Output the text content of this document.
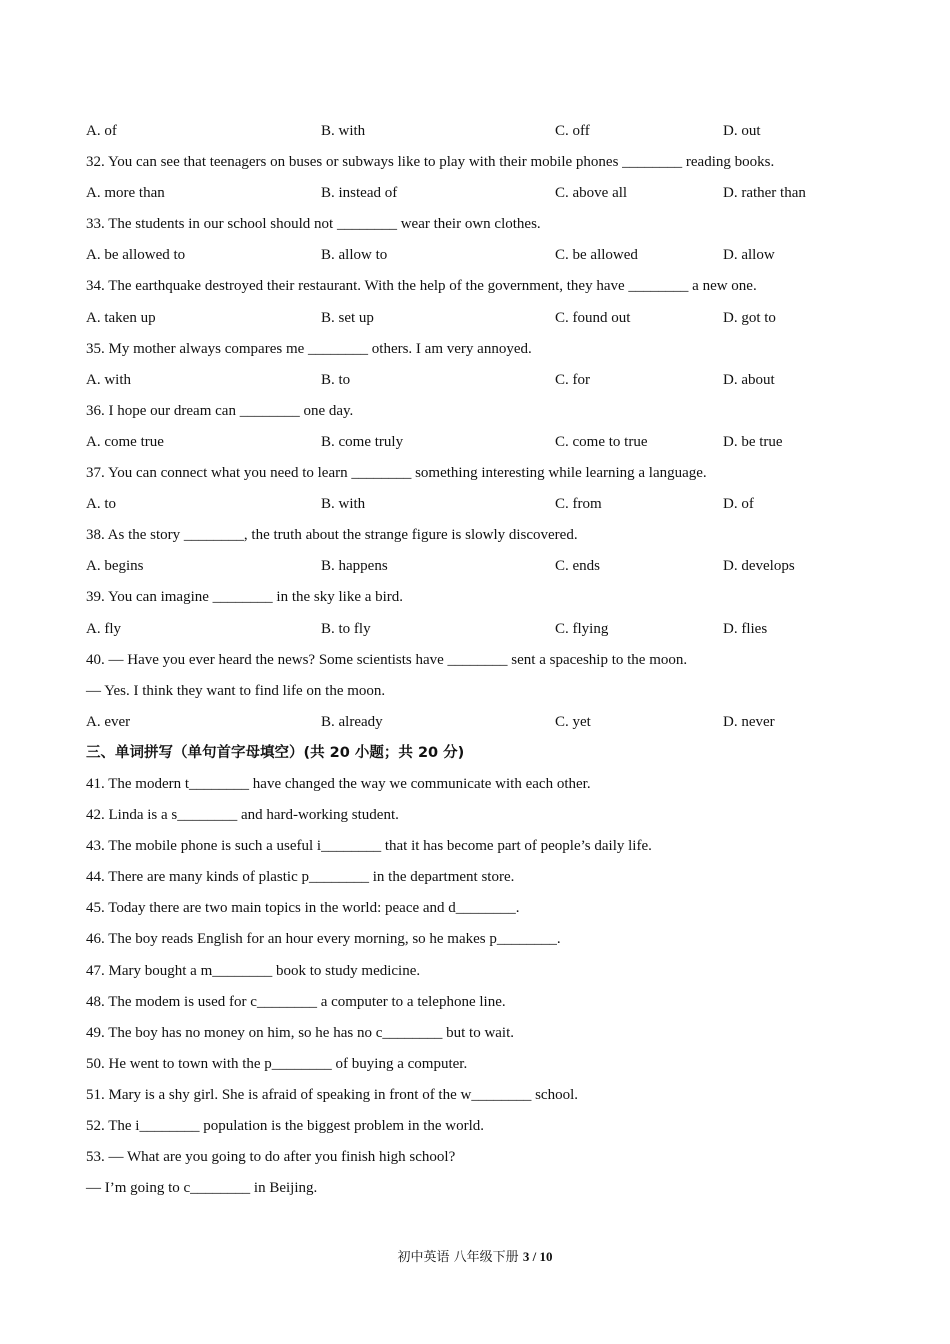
A. of	B. with	C. off	D. out
32. You can see that teenagers on buses or subways like to play with their mobile phones ________ reading books.
A. more than	B. instead of	C. above all	D. rather than
33. The students in our school should not ________ wear their own clothes.
A. be allowed to	B. allow to	C. be allowed	D. allow
34. The earthquake destroyed their restaurant. With the help of the government, they have ________ a new one.
A. taken up	B. set up	C. found out	D. got to
35. My mother always compares me ________ others. I am very annoyed.
A. with	B. to	C. for	D. about
36. I hope our dream can ________ one day.
A. come true	B. come truly	C. come to true	D. be true
37. You can connect what you need to learn ________ something interesting while learning a language.
A. to	B. with	C. from	D. of
38. As the story ________, the truth about the strange figure is slowly discovered.
A. begins	B. happens	C. ends	D. develops
39. You can imagine ________ in the sky like a bird.
A. fly	B. to fly	C. flying	D. flies
40. — Have you ever heard the news? Some scientists have ________ sent a spaceship to the moon.
— Yes. I think they want to find life on the moon.
A. ever	B. already	C. yet	D. never
三、单词拼写（单句首字母填空）(共 20 小题；共 20 分)
41. The modern t________ have changed the way we communicate with each other.
42. Linda is a s________ and hard-working student.
43. The mobile phone is such a useful i________ that it has become part of people’s daily life.
44. There are many kinds of plastic p________ in the department store.
45. Today there are two main topics in the world: peace and d________.
46. The boy reads English for an hour every morning, so he makes p________.
47. Mary bought a m________ book to study medicine.
48. The modem is used for c________ a computer to a telephone line.
49. The boy has no money on him, so he has no c________ but to wait.
50. He went to town with the p________ of buying a computer.
51. Mary is a shy girl. She is afraid of speaking in front of the w________ school.
52. The i________ population is the biggest problem in the world.
53. — What are you going to do after you finish high school?
— I’m going to c________ in Beijing.
初中英语 八年级下册 3 / 10
